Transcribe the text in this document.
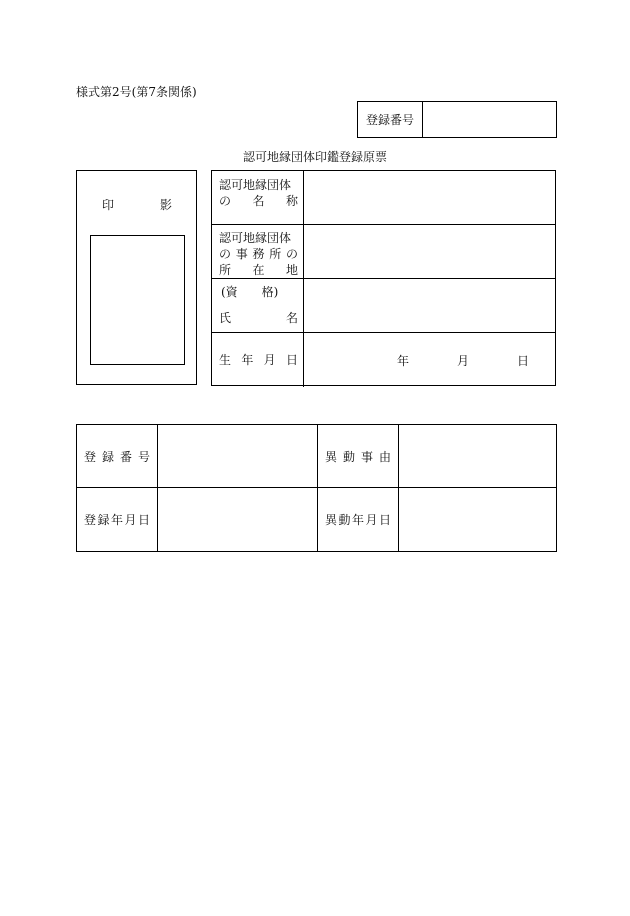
様式第2号(第7条関係)
登録番号
認可地縁団体印鑑登録原票
印	影
認可地縁団体
の 名 称
認可地縁団体
の 事 務 所 の
所 在 地
(資　　格)
氏	名
生 年 月 日	年	月	日
登 録 番 号	異 動 事 由
登 録 年 月 日	異 動 年 月 日
